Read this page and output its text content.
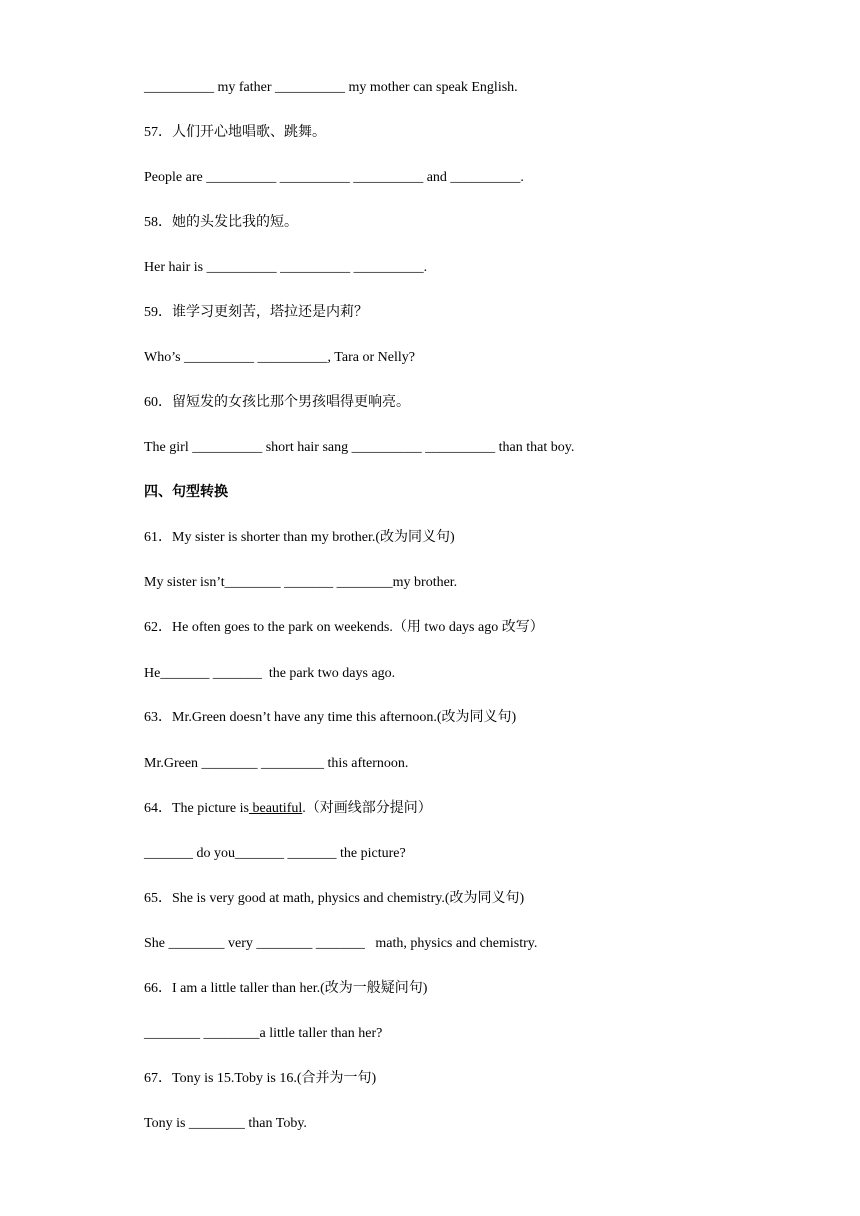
__________ my father __________ my mother can speak English.
57．人们开心地唱歌、跳舞。
People are __________ __________ __________ and __________.
58．她的头发比我的短。
Her hair is __________ __________ __________.
59．谁学习更刻苦，塔拉还是内莉？
Who’s __________ __________, Tara or Nelly?
60．留短发的女孩比那个男孩唱得更响亮。
The girl __________ short hair sang __________ __________ than that boy.
四、句型转换
61．My sister is shorter than my brother.(改为同义句)
My sister isn’t________ _______ ________my brother.
62．He often goes to the park on weekends.（用 two days ago 改写）
He_______ _______  the park two days ago.
63．Mr.Green doesn’t have any time this afternoon.(改为同义句)
Mr.Green ________ _________ this afternoon.
64．The picture is beautiful.（对画线部分提问）
_______ do you_______ _______ the picture?
65．She is very good at math, physics and chemistry.(改为同义句)
She ________ very ________ _______   math, physics and chemistry.
66．I am a little taller than her.(改为一般疑问句)
________ ________a little taller than her?
67．Tony is 15.Toby is 16.(合并为一句)
Tony is ________ than Toby.
